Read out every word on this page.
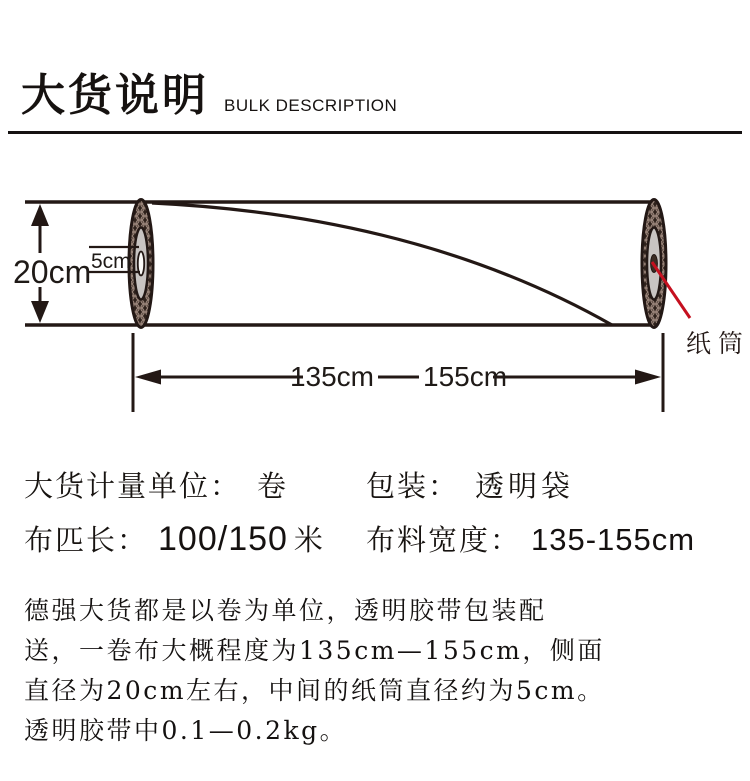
大货说明 BULK DESCRIPTION
20cm 5cm
135cm 155cm
纸筒
大货计量单位： 卷	包装： 透明袋
布匹长： 100/150 米 布料宽度： 135-155cm
德强大货都是以卷为单位，透明胶带包装配
送，一卷布大概程度为135cm—155cm，侧面
直径为20cm左右，中间的纸筒直径约为5cm。
透明胶带中0.1—0.2kg。
